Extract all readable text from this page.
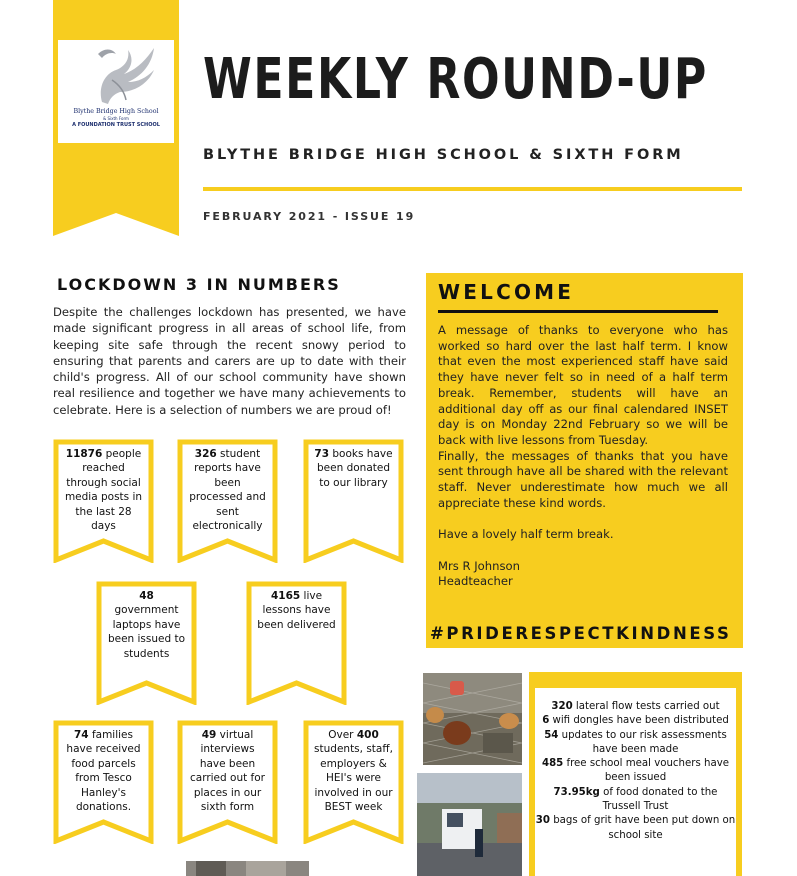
Blythe Bridge High School
& Sixth Form
A FOUNDATION TRUST SCHOOL
WEEKLY ROUND-UP
BLYTHE BRIDGE HIGH SCHOOL & SIXTH FORM
FEBRUARY 2021 - ISSUE 19
LOCKDOWN 3 IN NUMBERS
Despite the challenges lockdown has presented, we have made significant progress in all areas of school life, from keeping site safe through the recent snowy period to ensuring that parents and carers are up to date with their child's progress. All of our school community have shown real resilience and together we have many achievements to celebrate. Here is a selection of numbers we are proud of!
11876 people reached through social media posts in the last 28 days
326 student reports have been processed and sent electronically
73 books have been donated to our library
48 government laptops have been issued to students
4165 live lessons have been delivered
74 families have received food parcels from Tesco Hanley's donations.
49 virtual interviews have been carried out for places in our sixth form
Over 400 students, staff, employers & HEI's were involved in our BEST week
WELCOME

A message of thanks to everyone who has worked so hard over the last half term. I know that even the most experienced staff have said they have never felt so in need of a half term break. Remember, students will have an additional day off as our final calendared INSET day is on Monday 22nd February so we will be back with live lessons from Tuesday.

Finally, the messages of thanks that you have sent through have all be shared with the relevant staff. Never underestimate how much we all appreciate these kind words.

Have a lovely half term break.

Mrs R Johnson

Headteacher

#PRIDERESPECTKINDNESS
320 lateral flow tests carried out
6 wifi dongles have been distributed
54 updates to our risk assessments have been made
485 free school meal vouchers have been issued
73.95kg of food donated to the Trussell Trust
30 bags of grit have been put down on school site
